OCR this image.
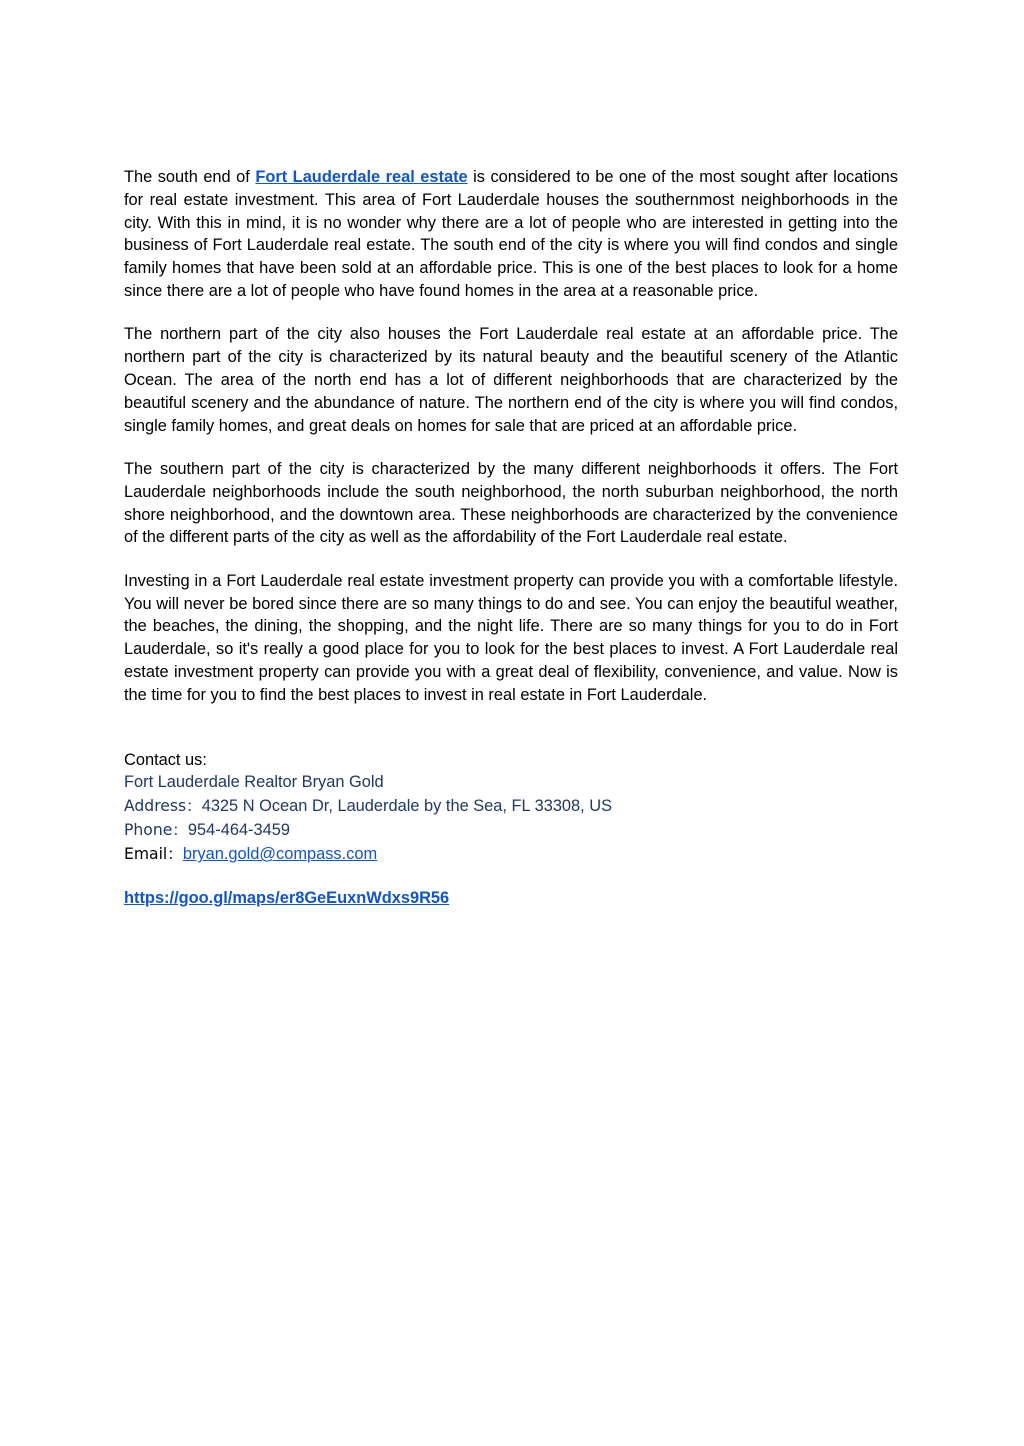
The south end of Fort Lauderdale real estate is considered to be one of the most sought after locations for real estate investment. This area of Fort Lauderdale houses the southernmost neighborhoods in the city. With this in mind, it is no wonder why there are a lot of people who are interested in getting into the business of Fort Lauderdale real estate. The south end of the city is where you will find condos and single family homes that have been sold at an affordable price. This is one of the best places to look for a home since there are a lot of people who have found homes in the area at a reasonable price.

The northern part of the city also houses the Fort Lauderdale real estate at an affordable price. The northern part of the city is characterized by its natural beauty and the beautiful scenery of the Atlantic Ocean. The area of the north end has a lot of different neighborhoods that are characterized by the beautiful scenery and the abundance of nature. The northern end of the city is where you will find condos, single family homes, and great deals on homes for sale that are priced at an affordable price.

The southern part of the city is characterized by the many different neighborhoods it offers. The Fort Lauderdale neighborhoods include the south neighborhood, the north suburban neighborhood, the north shore neighborhood, and the downtown area. These neighborhoods are characterized by the convenience of the different parts of the city as well as the affordability of the Fort Lauderdale real estate.

Investing in a Fort Lauderdale real estate investment property can provide you with a comfortable lifestyle. You will never be bored since there are so many things to do and see. You can enjoy the beautiful weather, the beaches, the dining, the shopping, and the night life. There are so many things for you to do in Fort Lauderdale, so it's really a good place for you to look for the best places to invest. A Fort Lauderdale real estate investment property can provide you with a great deal of flexibility, convenience, and value. Now is the time for you to find the best places to invest in real estate in Fort Lauderdale.

Contact us:
Fort Lauderdale Realtor Bryan Gold
Address：4325 N Ocean Dr, Lauderdale by the Sea, FL 33308, US
Phone：954-464-3459
Email：bryan.gold@compass.com
https://goo.gl/maps/er8GeEuxnWdxs9R56
